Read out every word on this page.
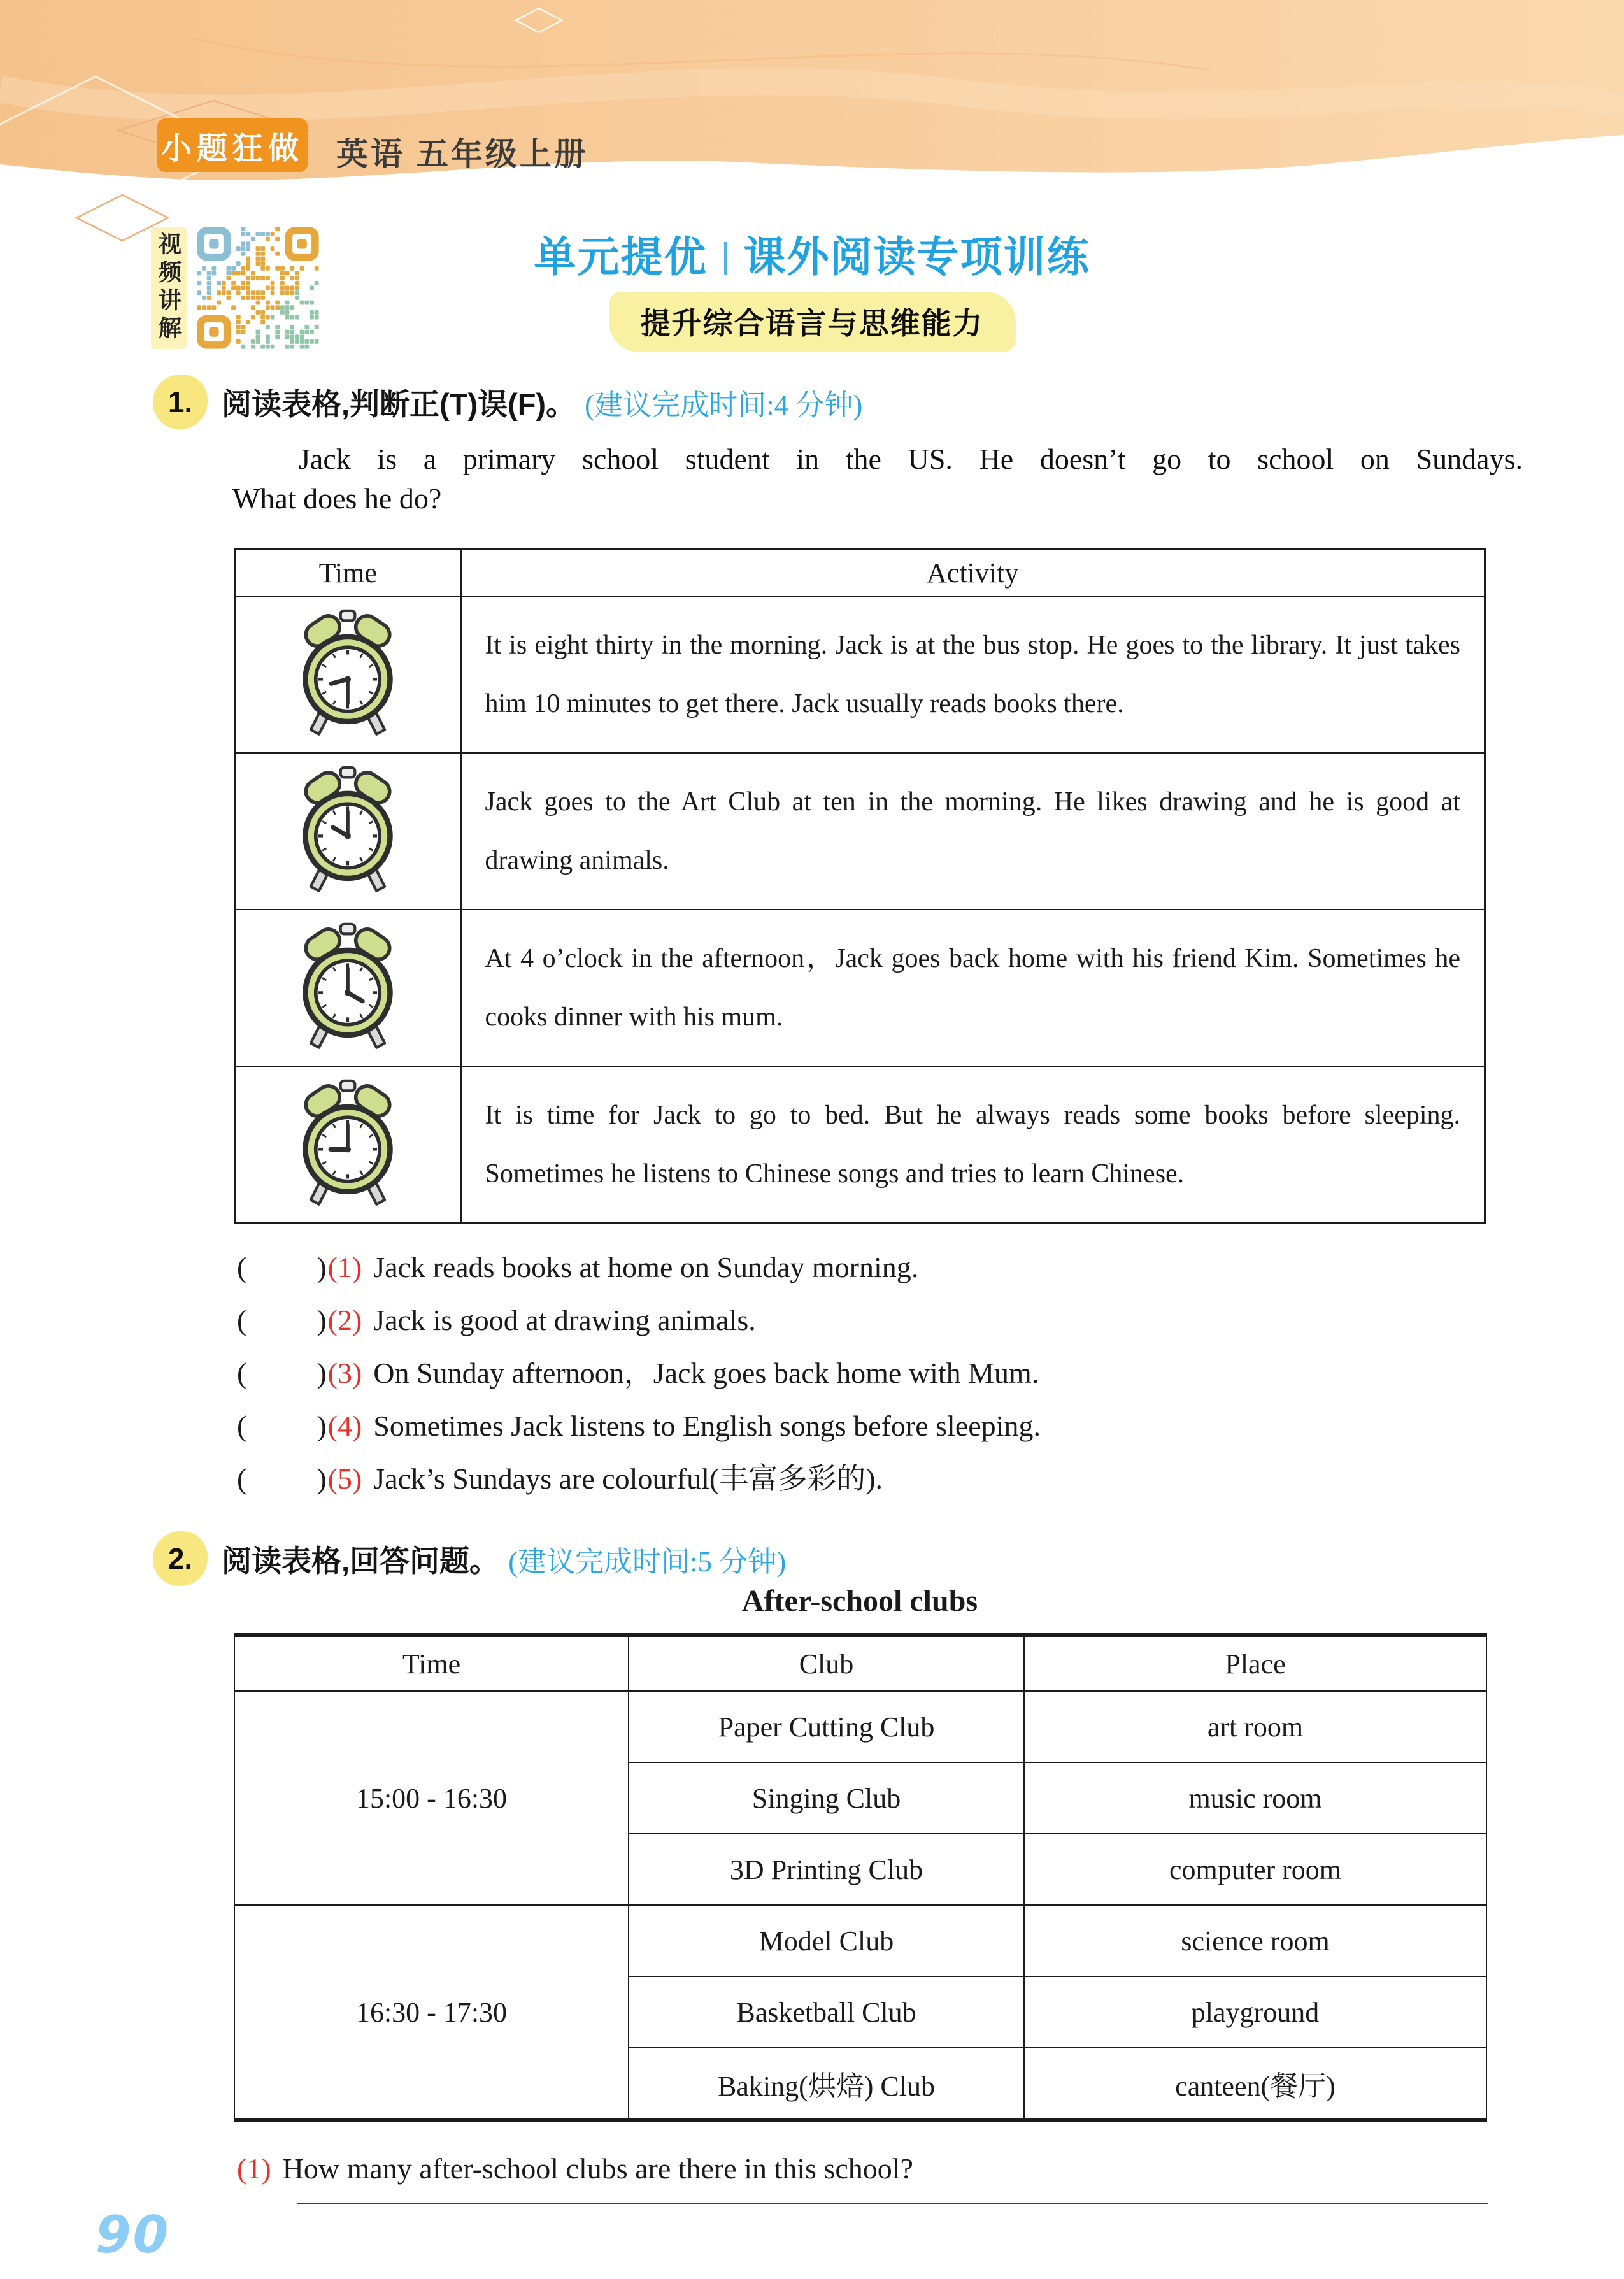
小题狂做 英语 五年级上册
视频讲解	单元提优 课外阅读专项训练
提升综合语言与思维能力
1. 阅读表格,判断正(T)误(F)。 (建议完成时间:4 分钟)
Jack is a primary school student in the US. He doesn’t go to school on Sundays.
What does he do?
Time	Activity

It is eight thirty in the morning. Jack is at the bus stop. He goes to the library. It just takes him 10 minutes to get there. Jack usually reads books there.

Jack goes to the Art Club at ten in the morning. He likes drawing and he is good at drawing animals.

At 4 o’clock in the afternoon，Jack goes back home with his friend Kim. Sometimes he cooks dinner with his mum.

It is time for Jack to go to bed. But he always reads some books before sleeping. Sometimes he listens to Chinese songs and tries to learn Chinese.

( )(1) Jack reads books at home on Sunday morning.
( )(2) Jack is good at drawing animals.
( )(3) On Sunday afternoon，Jack goes back home with Mum.
( )(4) Sometimes Jack listens to English songs before sleeping.
( )(5) Jack’s Sundays are colourful(丰富多彩的).
2. 阅读表格,回答问题。 (建议完成时间:5 分钟)
After-school clubs
Time	Club	Place
15:00 - 16:30	Paper Cutting Club	art room
	Singing Club	music room
	3D Printing Club	computer room
16:30 - 17:30	Model Club	science room
	Basketball Club	playground
	Baking(烘焙) Club	canteen(餐厅)
(1) How many after-school clubs are there in this school?
90
